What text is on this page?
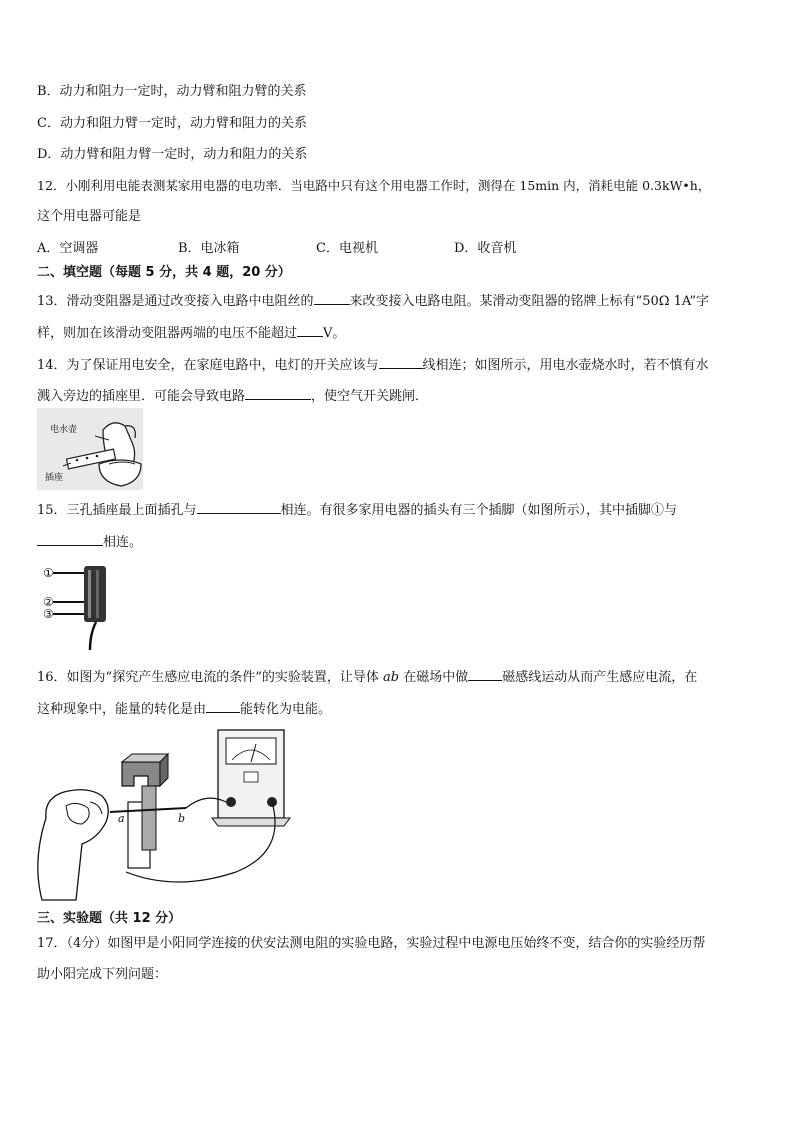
B．动力和阻力一定时，动力臂和阻力臂的关系
C．动力和阻力臂一定时，动力臂和阻力的关系
D．动力臂和阻力臂一定时，动力和阻力的关系
12．小刚利用电能表测某家用电器的电功率．当电路中只有这个用电器工作时，测得在 15min 内，消耗电能 0.3kW•h，
这个用电器可能是
A．空调器	B．电冰箱	C．电视机	D．收音机
二、填空题（每题 5 分，共 4 题，20 分）
13．滑动变阻器是通过改变接入电路中电阻丝的	来改变接入电路电阻。某滑动变阻器的铭牌上标有“50Ω 1A”字
样，则加在该滑动变阻器两端的电压不能超过 V。
14．为了保证用电安全，在家庭电路中，电灯的开关应该与	线相连；如图所示，用电水壶烧水时，若不慎有水
溅入旁边的插座里．可能会导致电路	，使空气开关跳闸．
电水壶
插座
15．三孔插座最上面插孔与	相连。有很多家用电器的插头有三个插脚（如图所示），其中插脚①与
相连。
①
②
③
16．如图为“探究产生感应电流的条件”的实验装置，让导体 ab 在磁场中做	磁感线运动从而产生感应电流，在
这种现象中，能量的转化是由	能转化为电能。
a	b
三、实验题（共 12 分）
17．（4分）如图甲是小阳同学连接的伏安法测电阻的实验电路，实验过程中电源电压始终不变，结合你的实验经历帮
助小阳完成下列问题：
